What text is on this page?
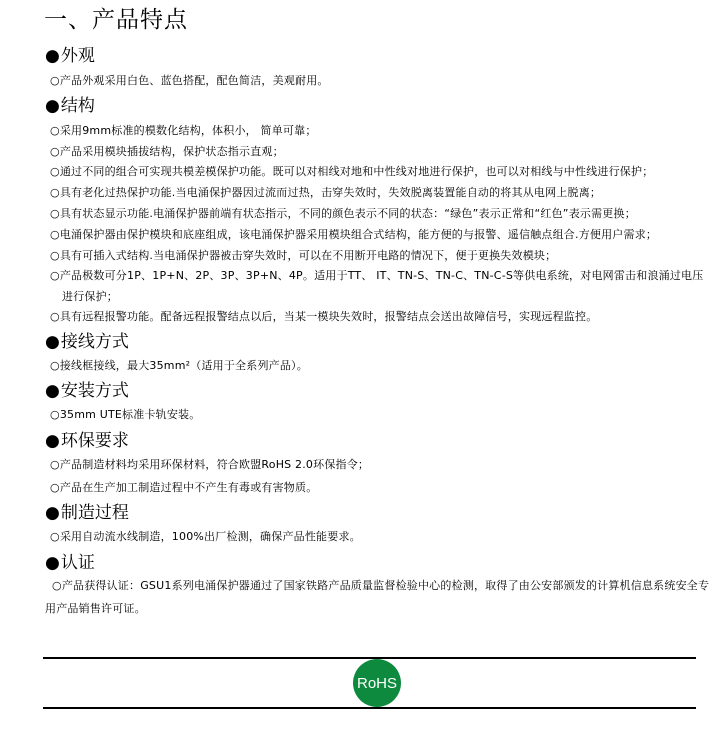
一、产品特点
●外观
○产品外观采用白色、蓝色搭配，配色简洁，美观耐用。
●结构
○采用9mm标准的模数化结构，体积小， 简单可靠；
○产品采用模块插拔结构，保护状态指示直观；
○通过不同的组合可实现共模差模保护功能。既可以对相线对地和中性线对地进行保护，也可以对相线与中性线进行保护；
○具有老化过热保护功能.当电涌保护器因过流而过热，击穿失效时，失效脱离装置能自动的将其从电网上脱离；
○具有状态显示功能.电涌保护器前端有状态指示，不同的颜色表示不同的状态：“绿色”表示正常和“红色”表示需更换；
○电涌保护器由保护模块和底座组成，该电涌保护器采用模块组合式结构，能方便的与报警、遥信触点组合.方便用户需求；
○具有可插入式结构.当电涌保护器被击穿失效时，可以在不用断开电路的情况下，便于更换失效模块；
○产品极数可分1P、1P+N、2P、3P、3P+N、4P。适用于TT、 IT、TN-S、TN-C、TN-C-S等供电系统，对电网雷击和浪涌过电压
进行保护；
○具有远程报警功能。配备远程报警结点以后，当某一模块失效时，报警结点会送出故障信号，实现远程监控。
●接线方式
○接线框接线，最大35mm²（适用于全系列产品）。
●安装方式
○35mm UTE标准卡轨安装。
●环保要求
○产品制造材料均采用环保材料，符合欧盟RoHS 2.0环保指令；
○产品在生产加工制造过程中不产生有毒或有害物质。
●制造过程
○采用自动流水线制造，100%出厂检测，确保产品性能要求。
●认证
○产品获得认证：GSU1系列电涌保护器通过了国家铁路产品质量监督检验中心的检测，取得了由公安部颁发的计算机信息系统安全专
用产品销售许可证。
RoHS
